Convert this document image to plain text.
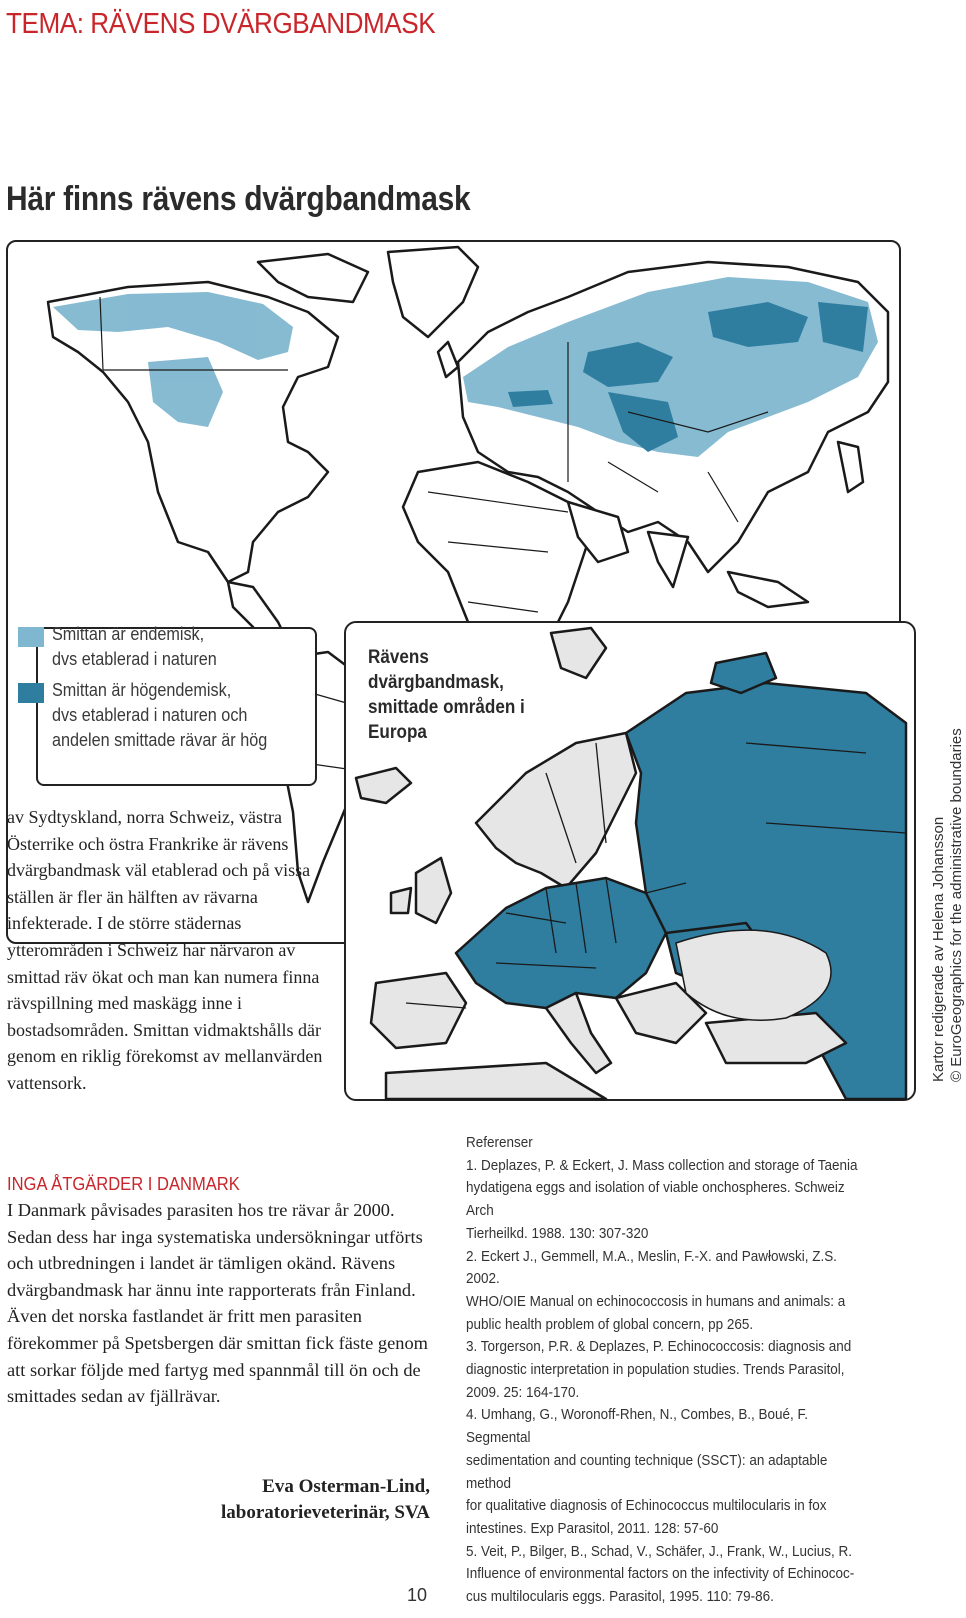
TEMA: RÄVENS DVÄRGBANDMASK
Här finns rävens dvärgbandmask
Smittan är endemisk,
dvs etablerad i naturen
Smittan är högendemisk,
dvs etablerad i naturen och
andelen smittade rävar är hög
Rävens dvärgbandmask, smittade områden i Europa
Kartor redigerade av Helena Johansson © EuroGeographics for the administrative boundaries

av Sydtyskland, norra Schweiz, västra Österrike och östra Frankrike är rävens dvärgbandmask väl etablerad och på vissa ställen är fler än hälften av rävarna infekterade. I de större städernas ytterområden i Schweiz har närvaron av smittad räv ökat och man kan numera finna rävspillning med maskägg inne i bostadsområden. Smittan vidmaktshålls där genom en riklig förekomst av mellanvärden vattensork.

INGA ÅTGÄRDER I DANMARK

I Danmark påvisades parasiten hos tre rävar år 2000. Sedan dess har inga systematiska undersökningar utförts och utbredningen i landet är tämligen okänd. Rävens dvärgbandmask har ännu inte rapporterats från Finland. Även det norska fastlandet är fritt men parasiten förekommer på Spetsbergen där smittan fick fäste genom att sorkar följde med fartyg med spannmål till ön och de smittades sedan av fjällrävar.

Eva Osterman-Lind,
laboratorieveterinär, SVA
Referenser
1. Deplazes, P. & Eckert, J. Mass collection and storage of Taenia
hydatigena eggs and isolation of viable onchospheres. Schweiz Arch
Tierheilkd. 1988. 130: 307-320
2. Eckert J., Gemmell, M.A., Meslin, F.-X. and Pawłowski, Z.S. 2002.
WHO/OIE Manual on echinococcosis in humans and animals: a
public health problem of global concern, pp 265.
3. Torgerson, P.R. & Deplazes, P. Echinococcosis: diagnosis and
diagnostic interpretation in population studies. Trends Parasitol,
2009. 25: 164-170.
4. Umhang, G., Woronoff-Rhen, N., Combes, B., Boué, F. Segmental
sedimentation and counting technique (SSCT): an adaptable method
for qualitative diagnosis of Echinococcus multilocularis in fox
intestines. Exp Parasitol, 2011. 128: 57-60
5. Veit, P., Bilger, B., Schad, V., Schäfer, J., Frank, W., Lucius, R.
Influence of environmental factors on the infectivity of Echinococ-
cus multilocularis eggs. Parasitol, 1995. 110: 79-86.
10
